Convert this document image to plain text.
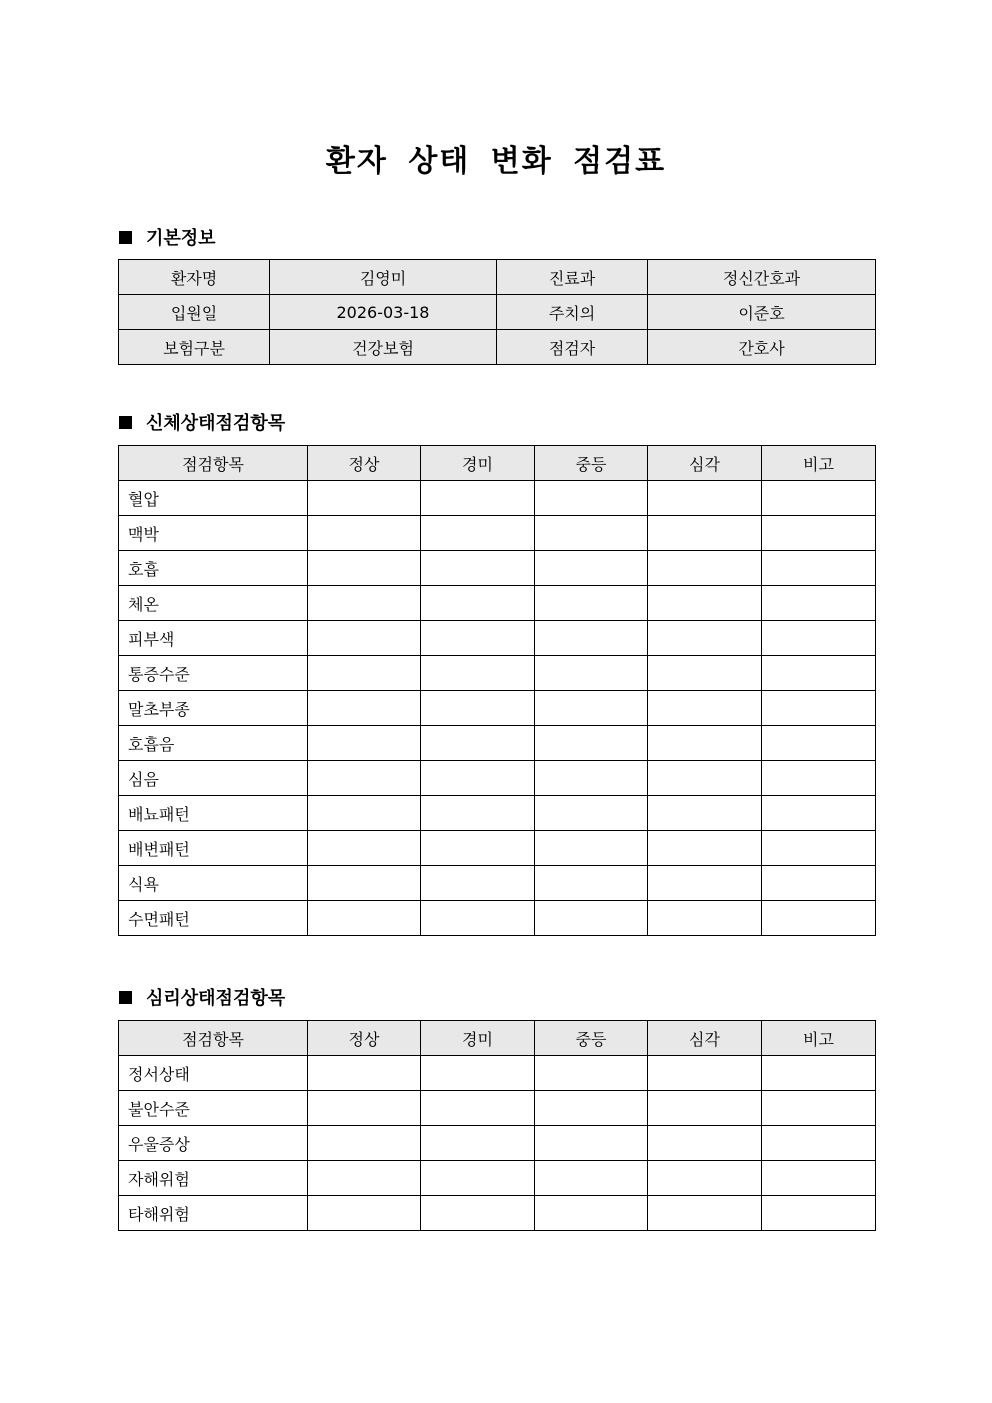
환자 상태 변화 점검표
기본정보
환자명	김영미	진료과	정신간호과
입원일	2026-03-18	주치의	이준호
보험구분	건강보험	점검자	간호사
신체상태점검항목
점검항목	정상	경미	중등	심각	비고
혈압					
맥박					
호흡					
체온					
피부색					
통증수준					
말초부종					
호흡음					
심음					
배뇨패턴					
배변패턴					
식욕					
수면패턴					
심리상태점검항목
점검항목	정상	경미	중등	심각	비고
정서상태					
불안수준					
우울증상					
자해위험					
타해위험					
